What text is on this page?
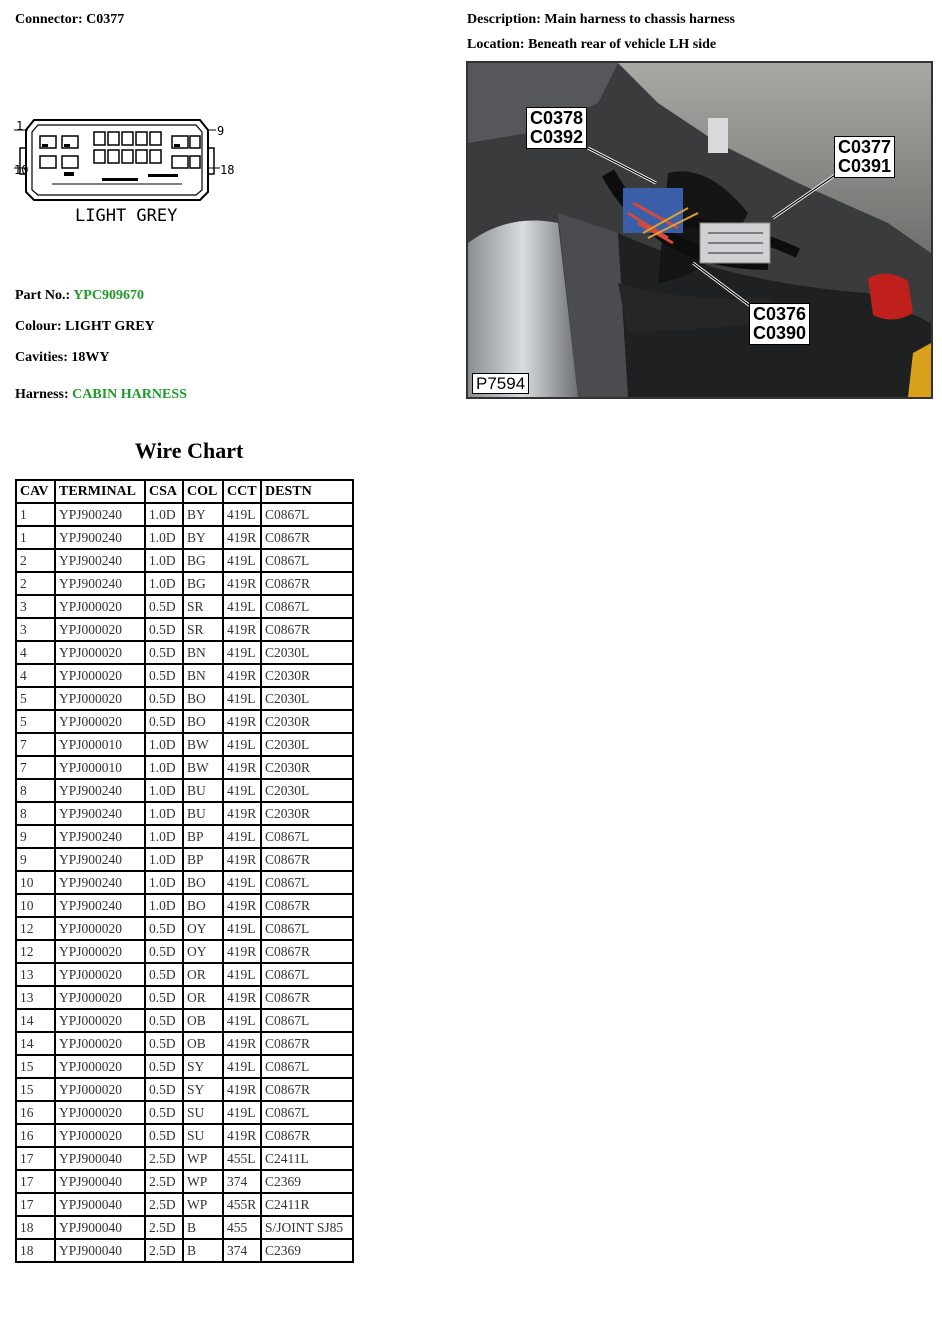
Connector: C0377	Description: Main harness to chassis harness
Location: Beneath rear of vehicle LH side
1	9
10	18
LIGHT GREY
Part No.: YPC909670
Colour: LIGHT GREY
Cavities: 18WY
Harness: CABIN HARNESS
C0378
C0392	C0377
C0391
C0376
C0390
P7594
Wire Chart
CAV	TERMINAL	CSA	COL	CCT	DESTN
1	YPJ900240	1.0D	BY	419L	C0867L
1	YPJ900240	1.0D	BY	419R	C0867R
2	YPJ900240	1.0D	BG	419L	C0867L
2	YPJ900240	1.0D	BG	419R	C0867R
3	YPJ000020	0.5D	SR	419L	C0867L
3	YPJ000020	0.5D	SR	419R	C0867R
4	YPJ000020	0.5D	BN	419L	C2030L
4	YPJ000020	0.5D	BN	419R	C2030R
5	YPJ000020	0.5D	BO	419L	C2030L
5	YPJ000020	0.5D	BO	419R	C2030R
7	YPJ000010	1.0D	BW	419L	C2030L
7	YPJ000010	1.0D	BW	419R	C2030R
8	YPJ900240	1.0D	BU	419L	C2030L
8	YPJ900240	1.0D	BU	419R	C2030R
9	YPJ900240	1.0D	BP	419L	C0867L
9	YPJ900240	1.0D	BP	419R	C0867R
10	YPJ900240	1.0D	BO	419L	C0867L
10	YPJ900240	1.0D	BO	419R	C0867R
12	YPJ000020	0.5D	OY	419L	C0867L
12	YPJ000020	0.5D	OY	419R	C0867R
13	YPJ000020	0.5D	OR	419L	C0867L
13	YPJ000020	0.5D	OR	419R	C0867R
14	YPJ000020	0.5D	OB	419L	C0867L
14	YPJ000020	0.5D	OB	419R	C0867R
15	YPJ000020	0.5D	SY	419L	C0867L
15	YPJ000020	0.5D	SY	419R	C0867R
16	YPJ000020	0.5D	SU	419L	C0867L
16	YPJ000020	0.5D	SU	419R	C0867R
17	YPJ900040	2.5D	WP	455L	C2411L
17	YPJ900040	2.5D	WP	374	C2369
17	YPJ900040	2.5D	WP	455R	C2411R
18	YPJ900040	2.5D	B	455	S/JOINT SJ85
18	YPJ900040	2.5D	B	374	C2369
